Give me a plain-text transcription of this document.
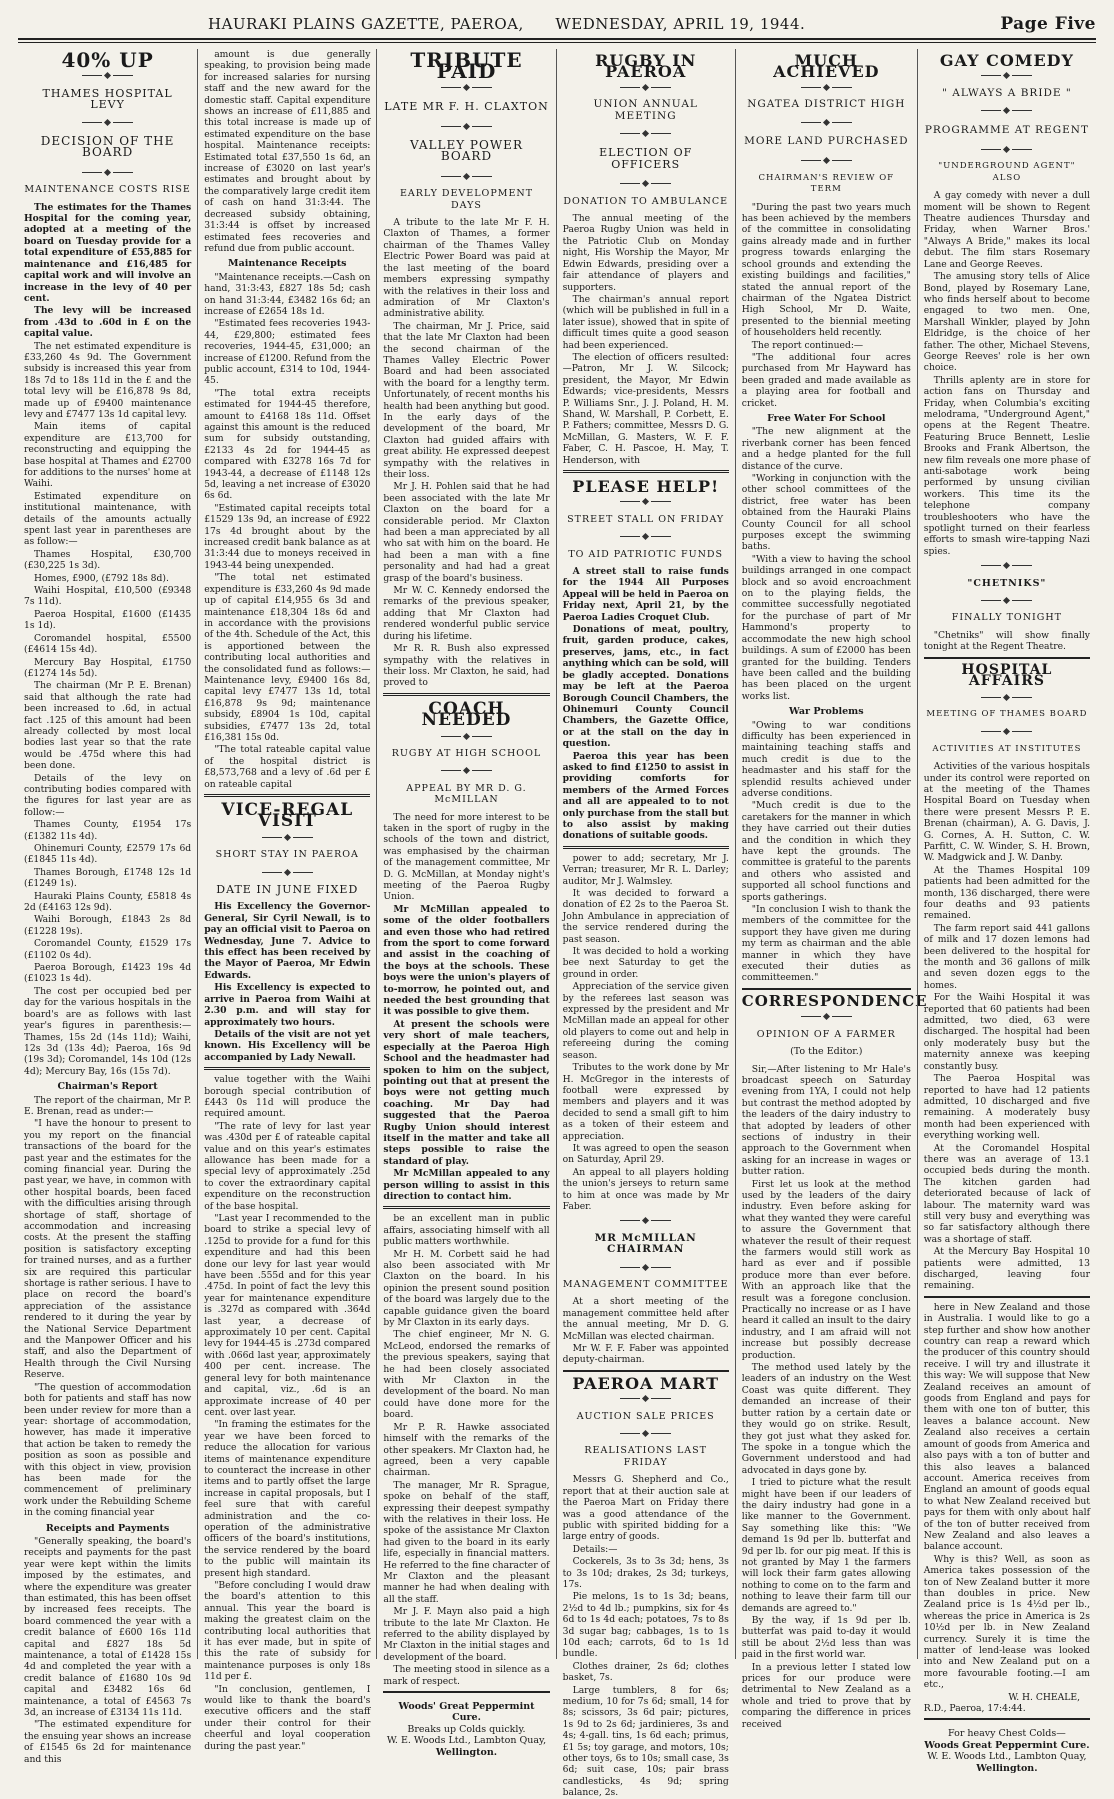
HAURAKI PLAINS GAZETTE, PAEROA, WEDNESDAY, APRIL 19, 1944.	Page Five
40% UP
THAMES HOSPITAL LEVY
DECISION OF THE BOARD
MAINTENANCE COSTS RISE

The estimates for the Thames Hospital for the coming year, adopted at a meeting of the board on Tuesday provide for a total expenditure of £55,885 for maintenance and £16,485 for capital work and will involve an increase in the levy of 40 per cent.

The levy will be increased from .43d to .60d in £ on the capital value.

The net estimated expenditure is £33,260 4s 9d. The Government subsidy is increased this year from 18s 7d to 18s 11d in the £ and the total levy will be £16,878 9s 8d, made up of £9400 maintenance levy and £7477 13s 1d capital levy.

Main items of capital expenditure are £13,700 for reconstructing and equipping the base hospital at Thames and £2700 for additions to the nurses' home at Waihi.

Estimated expenditure on institutional maintenance, with details of the amounts actually spent last year in parentheses are as follow:—

Thames Hospital, £30,700 (£30,225 1s 3d).

Homes, £900, (£792 18s 8d).

Waihi Hospital, £10,500 (£9348 7s 11d).

Paeroa Hospital, £1600 (£1435 1s 1d).

Coromandel hospital, £5500 (£4614 15s 4d).

Mercury Bay Hospital, £1750 (£1274 14s 5d).

The chairman (Mr P. E. Brenan) said that although the rate had been increased to .6d, in actual fact .125 of this amount had been already collected by most local bodies last year so that the rate would be .475d where this had been done.

Details of the levy on contributing bodies compared with the figures for last year are as follow:—

Thames County, £1954 17s (£1382 11s 4d).

Ohinemuri County, £2579 17s 6d (£1845 11s 4d).

Thames Borough, £1748 12s 1d (£1249 1s).

Hauraki Plains County, £5818 4s 2d (£4163 12s 9d).

Waihi Borough, £1843 2s 8d (£1228 19s).

Coromandel County, £1529 17s (£1102 0s 4d).

Paeroa Borough, £1423 19s 4d (£1023 1s 4d).

The cost per occupied bed per day for the various hospitals in the board's are as follows with last year's figures in parenthesis:— Thames, 15s 2d (14s 11d); Waihi, 12s 3d (13s 4d); Paeroa, 16s 9d (19s 3d); Coromandel, 14s 10d (12s 4d); Mercury Bay, 16s (15s 7d).

Chairman's Report

The report of the chairman, Mr P. E. Brenan, read as under:—

"I have the honour to present to you my report on the financial transactions of the board for the past year and the estimates for the coming financial year. During the past year, we have, in common with other hospital boards, been faced with the difficulties arising through shortage of staff, shortage of accommodation and increasing costs. At the present the staffing position is satisfactory excepting for trained nurses, and as a further six are required this particular shortage is rather serious. I have to place on record the board's appreciation of the assistance rendered to it during the year by the National Service Department and the Manpower Officer and his staff, and also the Department of Health through the Civil Nursing Reserve.

"The question of accommodation both for patients and staff has now been under review for more than a year: shortage of accommodation, however, has made it imperative that action be taken to remedy the position as soon as possible and with this object in view, provision has been made for the commencement of preliminary work under the Rebuilding Scheme in the coming financial year

Receipts and Payments

"Generally speaking, the board's receipts and payments for the past year were kept within the limits imposed by the estimates, and where the expenditure was greater than estimated, this has been offset by increased fees receipts. The board commenced the year with a credit balance of £600 16s 11d capital and £827 18s 5d maintenance, a total of £1428 15s 4d and completed the year with a credit balance of £1680 10s 9d capital and £3482 16s 6d maintenance, a total of £4563 7s 3d, an increase of £3134 11s 11d.

"The estimated expenditure for the ensuing year shows an increase of £1545 6s 2d for maintenance and this

amount is due generally speaking, to provision being made for increased salaries for nursing staff and the new award for the domestic staff. Capital expenditure shows an increase of £11,885 and this total increase is made up of estimated expenditure on the base hospital. Maintenance receipts: Estimated total £37,550 1s 6d, an increase of £3020 on last year's estimates and brought about by the comparatively large credit item of cash on hand 31:3:44. The decreased subsidy obtaining, 31:3:44 is offset by increased estimated fees recoveries and refund due from public account.

Maintenance Receipts

"Maintenance receipts.—Cash on hand, 31:3:43, £827 18s 5d; cash on hand 31:3:44, £3482 16s 6d; an increase of £2654 18s 1d.

"Estimated fees recoveries 1943-44, £29,800; estimated fees recoveries, 1944-45, £31,000; an increase of £1200. Refund from the public account, £314 to 10d, 1944-45.

"The total extra receipts estimated for 1944-45 therefore, amount to £4168 18s 11d. Offset against this amount is the reduced sum for subsidy outstanding, £2133 4s 2d for 1944-45 as compared with £3278 16s 7d for 1943-44, a decrease of £1148 12s 5d, leaving a net increase of £3020 6s 6d.

"Estimated capital receipts total £1529 13s 9d, an increase of £922 17s 4d brought about by the increased credit bank balance as at 31:3:44 due to moneys received in 1943-44 being unexpended.

"The total net estimated expenditure is £33,260 4s 9d made up of capital £14,955 6s 3d and maintenance £18,304 18s 6d and in accordance with the provisions of the 4th. Schedule of the Act, this is apportioned between the contributing local authorities and the consolidated fund as follows:—Maintenance levy, £9400 16s 8d, capital levy £7477 13s 1d, total £16,878 9s 9d; maintenance subsidy, £8904 1s 10d, capital subsidies, £7477 13s 2d, total £16,381 15s 0d.

"The total rateable capital value of the hospital district is £8,573,768 and a levy of .6d per £ on rateable capital

VICE-REGAL VISIT
SHORT STAY IN PAEROA
DATE IN JUNE FIXED

His Excellency the Governor-General, Sir Cyril Newall, is to pay an official visit to Paeroa on Wednesday, June 7. Advice to this effect has been received by the Mayor of Paeroa, Mr Edwin Edwards.

His Excellency is expected to arrive in Paeroa from Waihi at 2.30 p.m. and will stay for approximately two hours.

Details of the visit are not yet known. His Excellency will be accompanied by Lady Newall.

value together with the Waihi borough special contribution of £443 0s 11d will produce the required amount.

"The rate of levy for last year was .430d per £ of rateable capital value and on this year's estimates allowance has been made for a special levy of approximately .25d to cover the extraordinary capital expenditure on the reconstruction of the base hospital.

"Last year I recommended to the board to strike a special levy of .125d to provide for a fund for this expenditure and had this been done our levy for last year would have been .555d and for this year .475d. In point of fact the levy this year for maintenance expenditure is .327d as compared with .364d last year, a decrease of approximately 10 per cent. Capital levy for 1944-45 is .273d compared with .066d last year, approximately 400 per cent. increase. The general levy for both maintenance and capital, viz., .6d is an approximate increase of 40 per cent. over last year.

"In framing the estimates for the year we have been forced to reduce the allocation for various items of maintenance expenditure to counteract the increase in other items and to partly offset the large increase in capital proposals, but I feel sure that with careful administration and the co-operation of the administrative officers of the board's institutions, the service rendered by the board to the public will maintain its present high standard.

"Before concluding I would draw the board's attention to this annual. This year the board is making the greatest claim on the contributing local authorities that it has ever made, but in spite of this the rate of subsidy for maintenance purposes is only 18s 11d per £.

"In conclusion, gentlemen, I would like to thank the board's executive officers and the staff under their control for their cheerful and loyal cooperation during the past year."

TRIBUTE PAID
LATE MR F. H. CLAXTON
VALLEY POWER BOARD
EARLY DEVELOPMENT DAYS

A tribute to the late Mr F. H. Claxton of Thames, a former chairman of the Thames Valley Electric Power Board was paid at the last meeting of the board members expressing sympathy with the relatives in their loss and admiration of Mr Claxton's administrative ability.

The chairman, Mr J. Price, said that the late Mr Claxton had been the second chairman of the Thames Valley Electric Power Board and had been associated with the board for a lengthy term. Unfortunately, of recent months his health had been anything but good. In the early days of the development of the board, Mr Claxton had guided affairs with great ability. He expressed deepest sympathy with the relatives in their loss.

Mr J. H. Pohlen said that he had been associated with the late Mr Claxton on the board for a considerable period. Mr Claxton had been a man appreciated by all who sat with him on the board. He had been a man with a fine personality and had had a great grasp of the board's business.

Mr W. C. Kennedy endorsed the remarks of the previous speaker, adding that Mr Claxton had rendered wonderful public service during his lifetime.

Mr R. R. Bush also expressed sympathy with the relatives in their loss. Mr Claxton, he said, had proved to

COACH NEEDED
RUGBY AT HIGH SCHOOL
APPEAL BY MR D. G. McMILLAN

The need for more interest to be taken in the sport of rugby in the schools of the town and district, was emphasised by the chairman of the management committee, Mr D. G. McMillan, at Monday night's meeting of the Paeroa Rugby Union.

Mr McMillan appealed to some of the older footballers and even those who had retired from the sport to come forward and assist in the coaching of the boys at the schools. These boys were the union's players of to-morrow, he pointed out, and needed the best grounding that it was possible to give them.

At present the schools were very short of male teachers, especially at the Paeroa High School and the headmaster had spoken to him on the subject, pointing out that at present the boys were not getting much coaching. Mr Day had suggested that the Paeroa Rugby Union should interest itself in the matter and take all steps possible to raise the standard of play.

Mr McMillan appealed to any person willing to assist in this direction to contact him.

be an excellent man in public affairs, associating himself with all public matters worthwhile.

Mr H. M. Corbett said he had also been associated with Mr Claxton on the board. In his opinion the present sound position of the board was largely due to the capable guidance given the board by Mr Claxton in its early days.

The chief engineer, Mr N. G. McLeod, endorsed the remarks of the previous speakers, saying that he had been closely associated with Mr Claxton in the development of the board. No man could have done more for the board.

Mr P. R. Hawke associated himself with the remarks of the other speakers. Mr Claxton had, he agreed, been a very capable chairman.

The manager, Mr R. Sprague, spoke on behalf of the staff, expressing their deepest sympathy with the relatives in their loss. He spoke of the assistance Mr Claxton had given to the board in its early life, especially in financial matters. He referred to the fine character of Mr Claxton and the pleasant manner he had when dealing with all the staff.

Mr J. F. Mayn also paid a high tribute to the late Mr Claxton. He referred to the ability displayed by Mr Claxton in the initial stages and development of the board.

The meeting stood in silence as a mark of respect.

Woods' Great Peppermint Cure.
Breaks up Colds quickly.
W. E. Woods Ltd., Lambton Quay,
Wellington.
RUGBY IN PAEROA
UNION ANNUAL MEETING
ELECTION OF OFFICERS
DONATION TO AMBULANCE

The annual meeting of the Paeroa Rugby Union was held in the Patriotic Club on Monday night, His Worship the Mayor, Mr Edwin Edwards, presiding over a fair attendance of players and supporters.

The chairman's annual report (which will be published in full in a later issue), showed that in spite of difficult times quite a good season had been experienced.

The election of officers resulted:—Patron, Mr J. W. Silcock; president, the Mayor, Mr Edwin Edwards; vice-presidents, Messrs P. Williams Snr., J. J. Poland, H. M. Shand, W. Marshall, P. Corbett, E. P. Fathers; committee, Messrs D. G. McMillan, G. Masters, W. F. F. Faber, C. H. Pascoe, H. May, T. Henderson, with

PLEASE HELP!
STREET STALL ON FRIDAY
TO AID PATRIOTIC FUNDS

A street stall to raise funds for the 1944 All Purposes Appeal will be held in Paeroa on Friday next, April 21, by the Paeroa Ladies Croquet Club.

Donations of meat, poultry, fruit, garden produce, cakes, preserves, jams, etc., in fact anything which can be sold, will be gladly accepted. Donations may be left at the Paeroa Borough Council Chambers, the Ohinemuri County Council Chambers, the Gazette Office, or at the stall on the day in question.

Paeroa this year has been asked to find £1250 to assist in providing comforts for members of the Armed Forces and all are appealed to to not only purchase from the stall but to also assist by making donations of suitable goods.

power to add; secretary, Mr J. Verran; treasurer, Mr R. L. Darley; auditor, Mr J. Walmsley.

It was decided to forward a donation of £2 2s to the Paeroa St. John Ambulance in appreciation of the service rendered during the past season.

It was decided to hold a working bee next Saturday to get the ground in order.

Appreciation of the service given by the referees last season was expressed by the president and Mr McMillan made an appeal for other old players to come out and help in refereeing during the coming season.

Tributes to the work done by Mr H. McGregor in the interests of football were expressed by members and players and it was decided to send a small gift to him as a token of their esteem and appreciation.

It was agreed to open the season on Saturday, April 29.

An appeal to all players holding the union's jerseys to return same to him at once was made by Mr Faber.

MR McMILLAN CHAIRMAN
MANAGEMENT COMMITTEE

At a short meeting of the management committee held after the annual meeting, Mr D. G. McMillan was elected chairman.

Mr W. F. F. Faber was appointed deputy-chairman.

PAEROA MART
AUCTION SALE PRICES
REALISATIONS LAST FRIDAY

Messrs G. Shepherd and Co., report that at their auction sale at the Paeroa Mart on Friday there was a good attendance of the public with spirited bidding for a large entry of goods.

Details:—

Cockerels, 3s to 3s 3d; hens, 3s to 3s 10d; drakes, 2s 3d; turkeys, 17s.

Pie melons, 1s to 1s 3d; beans, 2½d to 4d lb.; pumpkins, six for 4s 6d to 1s 4d each; potatoes, 7s to 8s 3d sugar bag; cabbages, 1s to 1s 10d each; carrots, 6d to 1s 1d bundle.

Clothes drainer, 2s 6d; clothes basket, 7s.

Large tumblers, 8 for 6s; medium, 10 for 7s 6d; small, 14 for 8s; scissors, 3s 6d pair; pictures, 1s 9d to 2s 6d; jardinieres, 3s and 4s; 4-gall. tins, 1s 6d each; primus, £1 5s; toy garage, and motors, 10s; other toys, 6s to 10s; small case, 3s 6d; suit case, 10s; pair brass candlesticks, 4s 9d; spring balance, 2s.

MUCH ACHIEVED
NGATEA DISTRICT HIGH
MORE LAND PURCHASED
CHAIRMAN'S REVIEW OF TERM

"During the past two years much has been achieved by the members of the committee in consolidating gains already made and in further progress towards enlarging the school grounds and extending the existing buildings and facilities," stated the annual report of the chairman of the Ngatea District High School, Mr D. Waite, presented to the biennial meeting of householders held recently.

The report continued:—

"The additional four acres purchased from Mr Hayward has been graded and made available as a playing area for football and cricket.

Free Water For School

"The new alignment at the riverbank corner has been fenced and a hedge planted for the full distance of the curve.

"Working in conjunction with the other school committees of the district, free water has been obtained from the Hauraki Plains County Council for all school purposes except the swimming baths.

"With a view to having the school buildings arranged in one compact block and so avoid encroachment on to the playing fields, the committee successfully negotiated for the purchase of part of Mr Hammond's property to accommodate the new high school buildings. A sum of £2000 has been granted for the building. Tenders have been called and the building has been placed on the urgent works list.

War Problems

"Owing to war conditions difficulty has been experienced in maintaining teaching staffs and much credit is due to the headmaster and his staff for the splendid results achieved under adverse conditions.

"Much credit is due to the caretakers for the manner in which they have carried out their duties and the condition in which they have kept the grounds. The committee is grateful to the parents and others who assisted and supported all school functions and sports gatherings.

"In conclusion I wish to thank the members of the committee for the support they have given me during my term as chairman and the able manner in which they have executed their duties as committeemen."

CORRESPONDENCE
OPINION OF A FARMER
(To the Editor.)

Sir,—After listening to Mr Hale's broadcast speech on Saturday evening from 1YA, I could not help but contrast the method adopted by the leaders of the dairy industry to that adopted by leaders of other sections of industry in their approach to the Government when asking for an increase in wages or butter ration.

First let us look at the method used by the leaders of the dairy industry. Even before asking for what they wanted they were careful to assure the Government that whatever the result of their request the farmers would still work as hard as ever and if possible produce more than ever before. With an approach like that the result was a foregone conclusion. Practically no increase or as I have heard it called an insult to the dairy industry, and I am afraid will not increase but possibly decrease production.

The method used lately by the leaders of an industry on the West Coast was quite different. They demanded an increase of their butter ration by a certain date or they would go on strike. Result, they got just what they asked for. The spoke in a tongue which the Government understood and had advocated in days gone by.

I tried to picture what the result might have been if our leaders of the dairy industry had gone in a like manner to the Government. Say something like this: "We demand 1s 9d per lb. butterfat and 9d per lb. for our pig meat. If this is not granted by May 1 the farmers will lock their farm gates allowing nothing to come on to the farm and nothing to leave their farm till our demands are agreed to."

By the way, if 1s 9d per lb. butterfat was paid to-day it would still be about 2½d less than was paid in the first world war.

In a previous letter I stated low prices for our produce were detrimental to New Zealand as a whole and tried to prove that by comparing the difference in prices received

GAY COMEDY
" ALWAYS A BRIDE "
PROGRAMME AT REGENT
"UNDERGROUND AGENT" ALSO

A gay comedy with never a dull moment will be shown to Regent Theatre audiences Thursday and Friday, when Warner Bros.' "Always A Bride," makes its local debut. The film stars Rosemary Lane and George Reeves.

The amusing story tells of Alice Bond, played by Rosemary Lane, who finds herself about to become engaged to two men. One, Marshall Winkler, played by John Eldridge, is the choice of her father. The other, Michael Stevens, George Reeves' role is her own choice.

Thrills aplenty are in store for action fans on Thursday and Friday, when Columbia's exciting melodrama, "Underground Agent," opens at the Regent Theatre. Featuring Bruce Bennett, Leslie Brooks and Frank Albertson, the new film reveals one more phase of anti-sabotage work being performed by unsung civilian workers. This time its the telephone company troubleshooters who have the spotlight turned on their fearless efforts to smash wire-tapping Nazi spies.

"CHETNIKS"
FINALLY TONIGHT

"Chetniks" will show finally tonight at the Regent Theatre.

HOSPITAL AFFAIRS
MEETING OF THAMES BOARD
ACTIVITIES AT INSTITUTES

Activities of the various hospitals under its control were reported on at the meeting of the Thames Hospital Board on Tuesday when there were present Messrs P. E. Brenan (chairman), A. G. Davis, J. G. Cornes, A. H. Sutton, C. W. Parfitt, C. W. Winder, S. H. Brown, W. Madgwick and J. W. Danby.

At the Thames Hospital 109 patients had been admitted for the month, 136 discharged, there were four deaths and 93 patients remained.

The farm report said 441 gallons of milk and 17 dozen lemons had been delivered to the hospital for the month and 36 gallons of milk and seven dozen eggs to the homes.

For the Waihi Hospital it was reported that 60 patients had been admitted, two died, 63 were discharged. The hospital had been only moderately busy but the maternity annexe was keeping constantly busy.

The Paeroa Hospital was reported to have had 12 patients admitted, 10 discharged and five remaining. A moderately busy month had been experienced with everything working well.

At the Coromandel Hospital there was an average of 13.1 occupied beds during the month. The kitchen garden had deteriorated because of lack of labour. The maternity ward was still very busy and everything was so far satisfactory although there was a shortage of staff.

At the Mercury Bay Hospital 10 patients were admitted, 13 discharged, leaving four remaining.

here in New Zealand and those in Australia. I would like to go a step further and show how another country can reap a reward which the producer of this country should receive. I will try and illustrate it this way: We will suppose that New Zealand receives an amount of goods from England and pays for them with one ton of butter, this leaves a balance account. New Zealand also receives a certain amount of goods from America and also pays with a ton of butter and this also leaves a balanced account. America receives from England an amount of goods equal to what New Zealand received but pays for them with only about half of the ton of butter received from New Zealand and also leaves a balance account.

Why is this? Well, as soon as America takes possession of the ton of New Zealand butter it more than doubles in price. New Zealand price is 1s 4½d per lb., whereas the price in America is 2s 10½d per lb. in New Zealand currency. Surely it is time the matter of lend-lease was looked into and New Zealand put on a more favourable footing.—I am etc.,

W. H. CHEALE,
R.D., Paeroa, 17:4:44.
For heavy Chest Colds—
Woods Great Peppermint Cure.
W. E. Woods Ltd., Lambton Quay,
Wellington.
